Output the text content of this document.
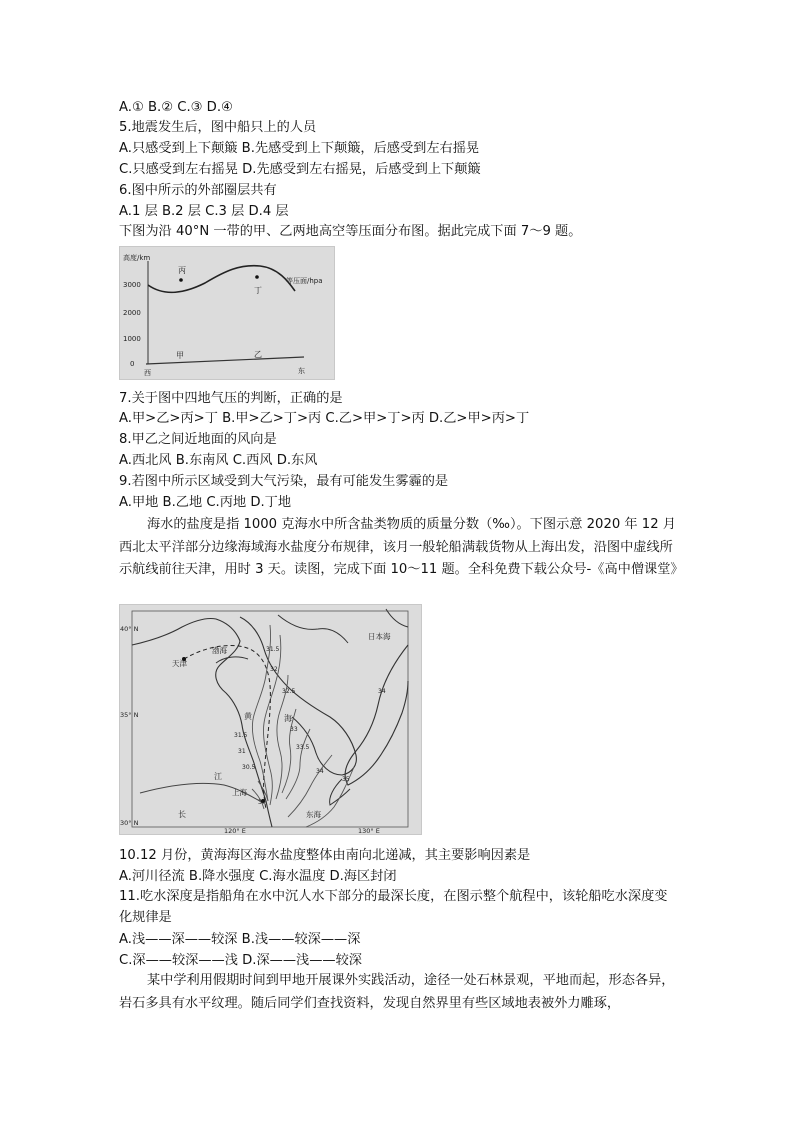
A.① B.② C.③ D.④
5.地震发生后，图中船只上的人员
A.只感受到上下颠簸 B.先感受到上下颠簸，后感受到左右摇晃
C.只感受到左右摇晃 D.先感受到左右摇晃，后感受到上下颠簸
6.图中所示的外部圈层共有
A.1 层 B.2 层 C.3 层 D.4 层
下图为沿 40°N 一带的甲、乙两地高空等压面分布图。据此完成下面 7～9 题。
高度/km
3000
2000
1000
0
等压面/hpa
丙
丁
甲	乙
西	东
7.关于图中四地气压的判断，正确的是
A.甲>乙>丙>丁 B.甲>乙>丁>丙 C.乙>甲>丁>丙 D.乙>甲>丙>丁
8.甲乙之间近地面的风向是
A.西北风 B.东南风 C.西风 D.东风
9.若图中所示区域受到大气污染，最有可能发生雾霾的是
A.甲地 B.乙地 C.丙地 D.丁地
海水的盐度是指 1000 克海水中所含盐类物质的质量分数（‰）。下图示意 2020 年 12 月西北太平洋部分边缘海域海水盐度分布规律，该月一般轮船满载货物从上海出发，沿图中虚线所示航线前往天津，用时 3 天。读图，完成下面 10～11 题。全科免费下载公众号-《高中僧课堂》
40° N
35° N
30° N
120° E	130° E
渤海
天津
日本海
黄	海
江
长
上海
东海
31.5
32
32.5
33
33.5
34
35
34
31.5
31
30.5
30
10.12 月份，黄海海区海水盐度整体由南向北递减，其主要影响因素是
A.河川径流 B.降水强度 C.海水温度 D.海区封闭
11.吃水深度是指船角在水中沉人水下部分的最深长度，在图示整个航程中，该轮船吃水深度变化规律是
A.浅——深——较深 B.浅——较深——深
C.深——较深——浅 D.深——浅——较深
某中学利用假期时间到甲地开展课外实践活动，途径一处石林景观，平地而起，形态各异，岩石多具有水平纹理。随后同学们查找资料，发现自然界里有些区域地表被外力雕琢，
